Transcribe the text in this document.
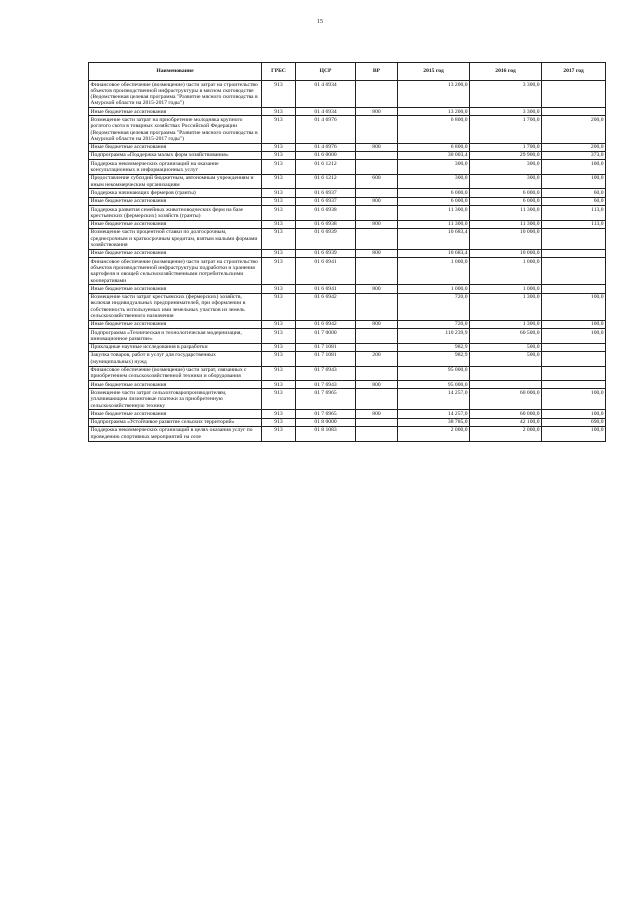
15
Наименование	ГРБС	ЦСР	ВР	2015 год	2016 год	2017 год
Финансовое обеспечение (возмещение) части затрат на строительство объектов производственной инфраструктуры в мясном скотоводстве (Ведомственная целевая программа "Развитие мясного скотоводства в Амурской области на 2015-2017 годы")	913	01 4 6934		13 200,0	3 300,0	
Иные бюджетные ассигнования	913	01 4 6934	800	13 200,0	3 300,0	
Возмещение части затрат на приобретение молодняка крупного рогатого скота в товарных хозяйствах Российской Федерации (Ведомственная целевая программа "Развитие мясного скотоводства в Амурской области на 2015-2017 годы")	913	01 4 6976		6 800,0	1 700,0	200,0
Иные бюджетные ассигнования	913	01 4 6976	800	6 800,0	1 700,0	200,0
Подпрограмма «Поддержка малых форм хозяйствования»	913	01 6 0000		30 003,4	29 900,0	373,0
Поддержка некоммерческих организаций на оказание консультационных и информационных услуг	913	01 6 1212		300,0	300,0	100,0
Предоставление субсидий бюджетным, автономным учреждениям и иным некоммерческим организациям	913	01 6 1212	600	300,0	300,0	100,0
Поддержка начинающих фермеров (гранты)	913	01 6 6937		6 000,0	6 000,0	60,0
Иные бюджетные ассигнования	913	01 6 6937	800	6 000,0	6 000,0	60,0
Поддержка развития семейных животноводческих ферм на базе крестьянских (фермерских) хозяйств (гранты)	913	01 6 6938		11 300,0	11 300,0	113,0
Иные бюджетные ассигнования	913	01 6 6938	800	11 300,0	11 300,0	113,0
Возмещение части процентной ставки по долгосрочным, среднесрочным и краткосрочным кредитам, взятым малыми формами хозяйствования	913	01 6 6939		10 683,4	10 000,0	
Иные бюджетные ассигнования	913	01 6 6939	800	10 683,4	10 000,0	
Финансовое обеспечение (возмещение) части затрат на строительство объектов производственной инфраструктуры подработки и хранения картофеля и овощей сельскохозяйственными потребительскими кооперативами	913	01 6 6941		1 000,0	1 000,0	
Иные бюджетные ассигнования	913	01 6 6941	800	1 000,0	1 000,0	
Возмещение части затрат крестьянских (фермерских) хозяйств, включая индивидуальных предпринимателей, при оформлении в собственность используемых ими земельных участков из земель сельскохозяйственного назначения	913	01 6 6942		720,0	1 300,0	100,0
Иные бюджетные ассигнования	913	01 6 6942	800	720,0	1 300,0	100,0
Подпрограмма «Техническая и технологическая модернизация, инновационное развитие»	913	01 7 0000		110 239,9	60 500,0	100,0
Прикладные научные исследования в разработки	913	01 7 1081		982,9	500,0	
Закупка товаров, работ и услуг для государственных (муниципальных) нужд	913	01 7 1081	200	982,9	500,0	
Финансовое обеспечение (возмещение) части затрат, связанных с приобретением сельскохозяйственной техники и оборудования	913	01 7 6943		95 000,0		
Иные бюджетные ассигнования	913	01 7 6943	800	95 000,0		
Возмещение части затрат сельхозтоваропроизводителям, уплачивающим лизинговые платежи за приобретенную сельскохозяйственную технику	913	01 7 6965		14 257,0	60 000,0	100,0
Иные бюджетные ассигнования	913	01 7 6965	800	14 257,0	60 000,0	100,0
Подпрограмма «Устойчивое развитие сельских территорий»	913	01 8 0000		38 785,0	42 100,0	690,0
Поддержка некоммерческих организаций в целях оказания услуг по проведению спортивных мероприятий на селе	913	01 8 1083		2 000,0	2 000,0	100,0
